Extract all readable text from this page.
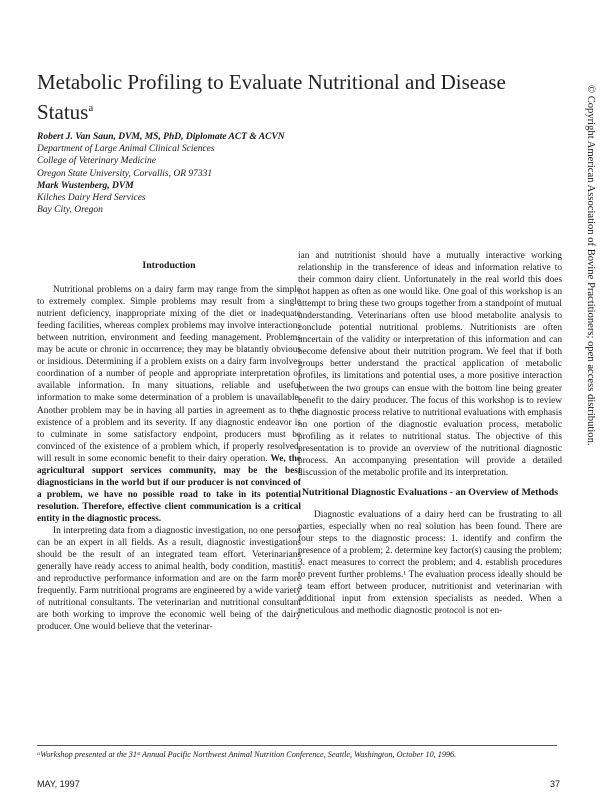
Metabolic Profiling to Evaluate Nutritional and Disease Status$^a$
Robert J. Van Saun, DVM, MS, PhD, Diplomate ACT & ACVN
Department of Large Animal Clinical Sciences
College of Veterinary Medicine
Oregon State University, Corvallis, OR 97331
Mark Wustenberg, DVM
Kilches Dairy Herd Services
Bay City, Oregon

Introduction

Nutritional problems on a dairy farm may range from the simple to extremely complex. Simple problems may result from a single nutrient deficiency, inappropriate mixing of the diet or inadequate feeding facilities, whereas complex problems may involve interactions between nutrition, environment and feeding management. Problems may be acute or chronic in occurrence; they may be blatantly obvious or insidious. Determining if a problem exists on a dairy farm involves coordination of a number of people and appropriate interpretation of available information. In many situations, reliable and useful information to make some determination of a problem is unavailable. Another problem may be in having all parties in agreement as to the existence of a problem and its severity. If any diagnostic endeavor is to culminate in some satisfactory endpoint, producers must be convinced of the existence of a problem which, if properly resolved, will result in some economic benefit to their dairy operation. We, the agricultural support services community, may be the best diagnosticians in the world but if our producer is not convinced of a problem, we have no possible road to take in its potential resolution. Therefore, effective client communication is a critical entity in the diagnostic process.

In interpreting data from a diagnostic investigation, no one person can be an expert in all fields. As a result, diagnostic investigations should be the result of an integrated team effort. Veterinarians generally have ready access to animal health, body condition, mastitis and reproductive performance information and are on the farm more frequently. Farm nutritional programs are engineered by a wide variety of nutritional consultants. The veterinarian and nutritional consultant are both working to improve the economic well being of the dairy producer. One would believe that the veterinar-

ian and nutritionist should have a mutually interactive working relationship in the transference of ideas and information relative to their common dairy client. Unfortunately in the real world this does not happen as often as one would like. One goal of this workshop is an attempt to bring these two groups together from a standpoint of mutual understanding. Veterinarians often use blood metabolite analysis to conclude potential nutritional problems. Nutritionists are often uncertain of the validity or interpretation of this information and can become defensive about their nutrition program. We feel that if both groups better understand the practical application of metabolic profiles, its limitations and potential uses, a more positive interaction between the two groups can ensue with the bottom line being greater benefit to the dairy producer. The focus of this workshop is to review the diagnostic process relative to nutritional evaluations with emphasis on one portion of the diagnostic evaluation process, metabolic profiling as it relates to nutritional status. The objective of this presentation is to provide an overview of the nutritional diagnostic process. An accompanying presentation will provide a detailed discussion of the metabolic profile and its interpretation.

Nutritional Diagnostic Evaluations - an Overview of Methods

Diagnostic evaluations of a dairy herd can be frustrating to all parties, especially when no real solution has been found. There are four steps to the diagnostic process: 1. identify and confirm the presence of a problem; 2. determine key factor(s) causing the problem; 3. enact measures to correct the problem; and 4. establish procedures to prevent further problems.¹ The evaluation process ideally should be a team effort between producer, nutritionist and veterinarian with additional input from extension specialists as needed. When a meticulous and methodic diagnostic protocol is not en-

ᵃWorkshop presented at the 31ˢᵗ Annual Pacific Northwest Animal Nutrition Conference, Seattle, Washington, October 10, 1996.
MAY, 1997	37
© Copyright American Association of Bovine Practitioners; open access distribution.
